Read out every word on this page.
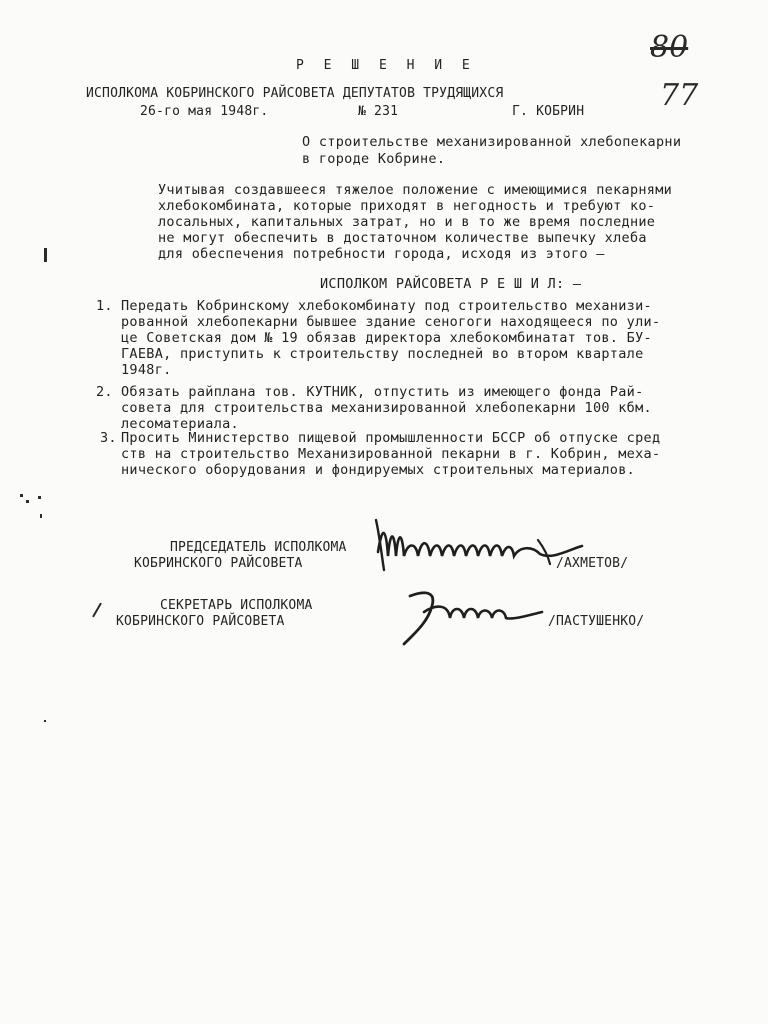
80
77
Р Е Ш Е Н И Е
ИСПОЛКОМА КОБРИНСКОГО РАЙСОВЕТА ДЕПУТАТОВ ТРУДЯЩИХСЯ
26-го мая 1948г.	№ 231	Г. КОБРИН
О строительстве механизированной хлебопекарни
в городе Кобрине.
Учитывая создавшееся тяжелое положение с имеющимися пекарнями
хлебокомбината, которые приходят в негодность и требуют ко-
лосальных, капитальных затрат, но и в то же время последние
не могут обеспечить в достаточном количестве выпечку хлеба
для обеспечения потребности города, исходя из этого –
ИСПОЛКОМ РАЙСОВЕТА Р Е Ш И Л: –
1. Передать Кобринскому хлебокомбинату под строительство механизи-
рованной хлебопекарни бывшее здание сеногоги находящееся по ули-
це Советская дом № 19 обязав директора хлебокомбинатат тов. БУ-
ГАЕВА, приступить к строительству последней во втором квартале
1948г.
2. Обязать райплана тов. КУТНИК, отпустить из имеющего фонда Рай-
совета для строительства механизированной хлебопекарни 100 кбм.
лесоматериала.
3. Просить Министерство пищевой промышленности БССР об отпуске сред
ств на строительство Механизированной пекарни в г. Кобрин, меха-
нического оборудования и фондируемых строительных материалов.
ПРЕДСЕДАТЕЛЬ ИСПОЛКОМА
КОБРИНСКОГО РАЙСОВЕТА	/АХМЕТОВ/
СЕКРЕТАРЬ ИСПОЛКОМА
КОБРИНСКОГО РАЙСОВЕТА	/ПАСТУШЕНКО/
